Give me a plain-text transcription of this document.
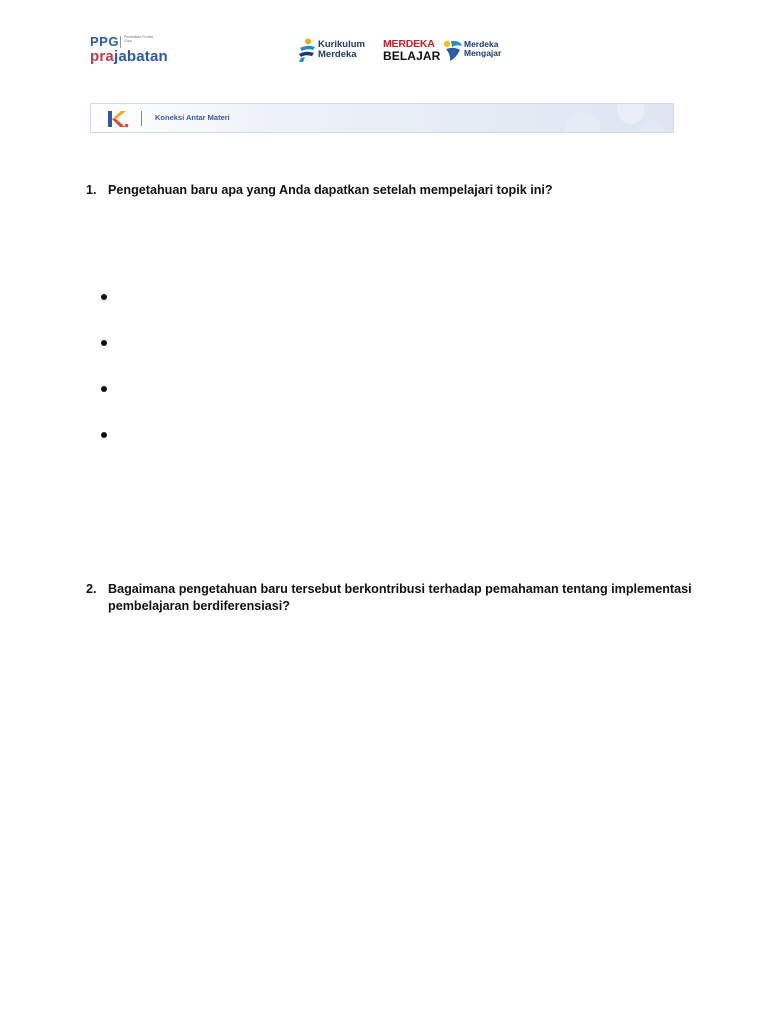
PPG Pendidikan Profesi Guru
prajabatan
Kurikulum
Merdeka
MERDEKA
BELAJAR
Merdeka
Mengajar
Koneksi Antar Materi
1. Pengetahuan baru apa yang Anda dapatkan setelah mempelajari topik ini?
2. Bagaimana pengetahuan baru tersebut berkontribusi terhadap pemahaman tentang implementasi pembelajaran berdiferensiasi?
